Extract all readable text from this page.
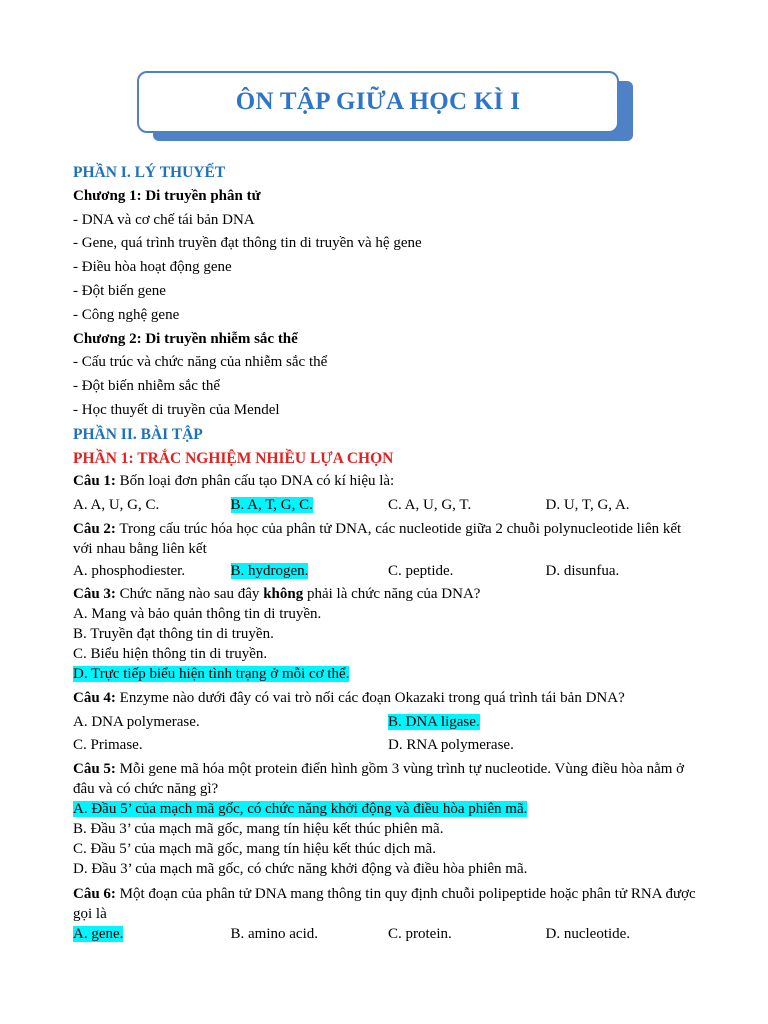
ÔN TẬP GIỮA HỌC KÌ I
PHẦN I. LÝ THUYẾT
Chương 1: Di truyền phân tử
- DNA và cơ chế tái bản DNA
- Gene, quá trình truyền đạt thông tin di truyền và hệ gene
- Điều hòa hoạt động gene
- Đột biến gene
- Công nghệ gene
Chương 2: Di truyền nhiễm sắc thể
- Cấu trúc và chức năng của nhiễm sắc thể
- Đột biến nhiễm sắc thể
- Học thuyết di truyền của Mendel
PHẦN II. BÀI TẬP
PHẦN 1: TRẮC NGHIỆM NHIỀU LỰA CHỌN
Câu 1: Bốn loại đơn phân cấu tạo DNA có kí hiệu là:
A. A, U, G, C.	B. A, T, G, C.	C. A, U, G, T.	D. U, T, G, A.
Câu 2: Trong cấu trúc hóa học của phân tử DNA, các nucleotide giữa 2 chuỗi polynucleotide liên kết với nhau bằng liên kết
A. phosphodiester.	B. hydrogen.	C. peptide.	D. disunfua.
Câu 3: Chức năng nào sau đây không phải là chức năng của DNA?
A. Mang và bảo quản thông tin di truyền.
B. Truyền đạt thông tin di truyền.
C. Biểu hiện thông tin di truyền.
D. Trực tiếp biểu hiện tình trạng ở mỗi cơ thể.
Câu 4: Enzyme nào dưới đây có vai trò nối các đoạn Okazaki trong quá trình tái bản DNA?
A. DNA polymerase.	B. DNA ligase.
C. Primase.	D. RNA polymerase.
Câu 5: Mỗi gene mã hóa một protein điển hình gồm 3 vùng trình tự nucleotide. Vùng điều hòa nằm ở đâu và có chức năng gì?
A. Đầu 5’ của mạch mã gốc, có chức năng khởi động và điều hòa phiên mã.
B. Đầu 3’ của mạch mã gốc, mang tín hiệu kết thúc phiên mã.
C. Đầu 5’ của mạch mã gốc, mang tín hiệu kết thúc dịch mã.
D. Đầu 3’ của mạch mã gốc, có chức năng khởi động và điều hòa phiên mã.
Câu 6: Một đoạn của phân tử DNA mang thông tin quy định chuỗi polipeptide hoặc phân tử RNA được gọi là
A. gene.	B. amino acid.	C. protein.	D. nucleotide.
